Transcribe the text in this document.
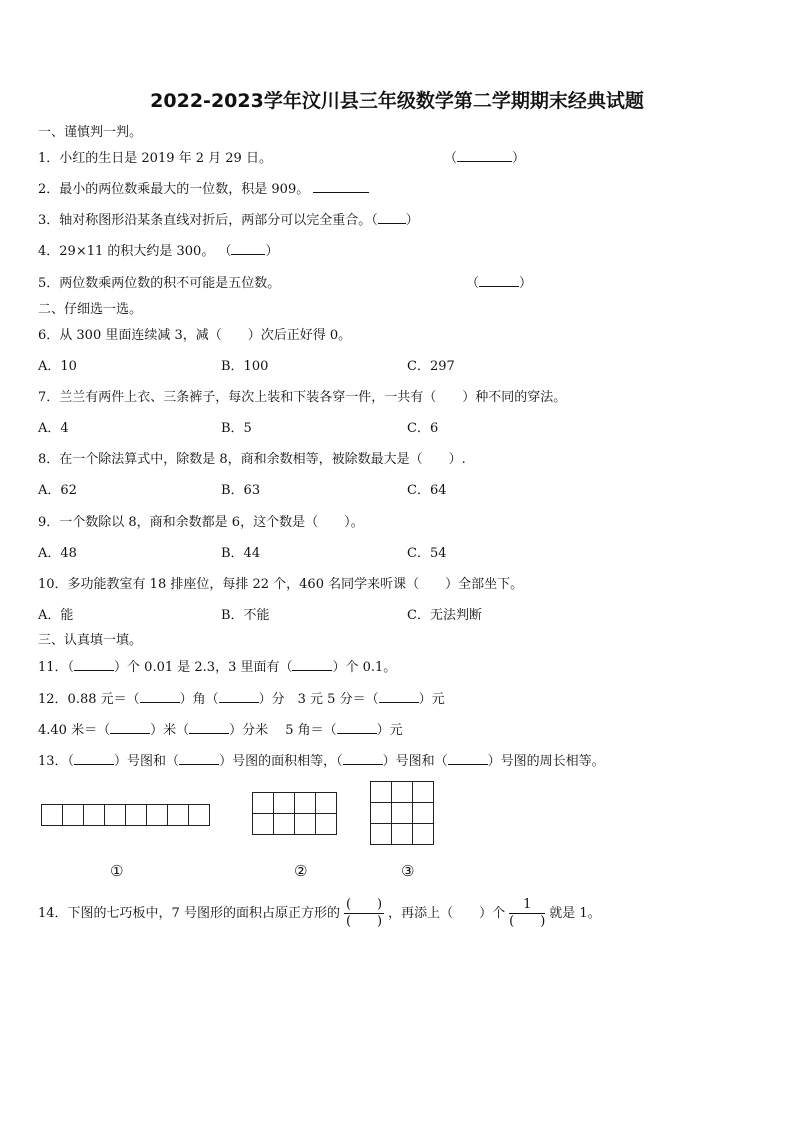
2022-2023学年汶川县三年级数学第二学期期末经典试题
一、谨慎判一判。
1．小红的生日是 2019 年 2 月 29 日。	（	）
2．最小的两位数乘最大的一位数，积是 909。
3．轴对称图形沿某条直线对折后，两部分可以完全重合。（ ）
4．29×11 的积大约是 300。 （	）
5．两位数乘两位数的积不可能是五位数。	（	）
二、仔细选一选。
6．从 300 里面连续减 3，减（　　）次后正好得 0。
A．10	B．100	C．297
7．兰兰有两件上衣、三条裤子，每次上装和下装各穿一件，一共有（　　）种不同的穿法。
A．4	B．5	C．6
8．在一个除法算式中，除数是 8，商和余数相等，被除数最大是（　　）.
A．62	B．63	C．64
9．一个数除以 8，商和余数都是 6，这个数是（　　）。
A．48	B．44	C．54
10．多功能教室有 18 排座位，每排 22 个，460 名同学来听课（　　）全部坐下。
A．能	B．不能	C．无法判断
三、认真填一填。
11．（	）个 0.01 是 2.3，3 里面有（	）个 0.1。
12．0.88 元＝（	）角（	）分　3 元 5 分＝（	）元
4.40 米＝（	）米（	）分米　 5 角＝（	）元
13．（	）号图和（	）号图的面积相等，（	）号图和（	）号图的周长相等。

①	②	③
14．下图的七巧板中，7 号图形的面积占原正方形的 $\frac{( )}{( )}$ ，再添上（　　）个 $\frac{1}{( )}$ 就是 1。
